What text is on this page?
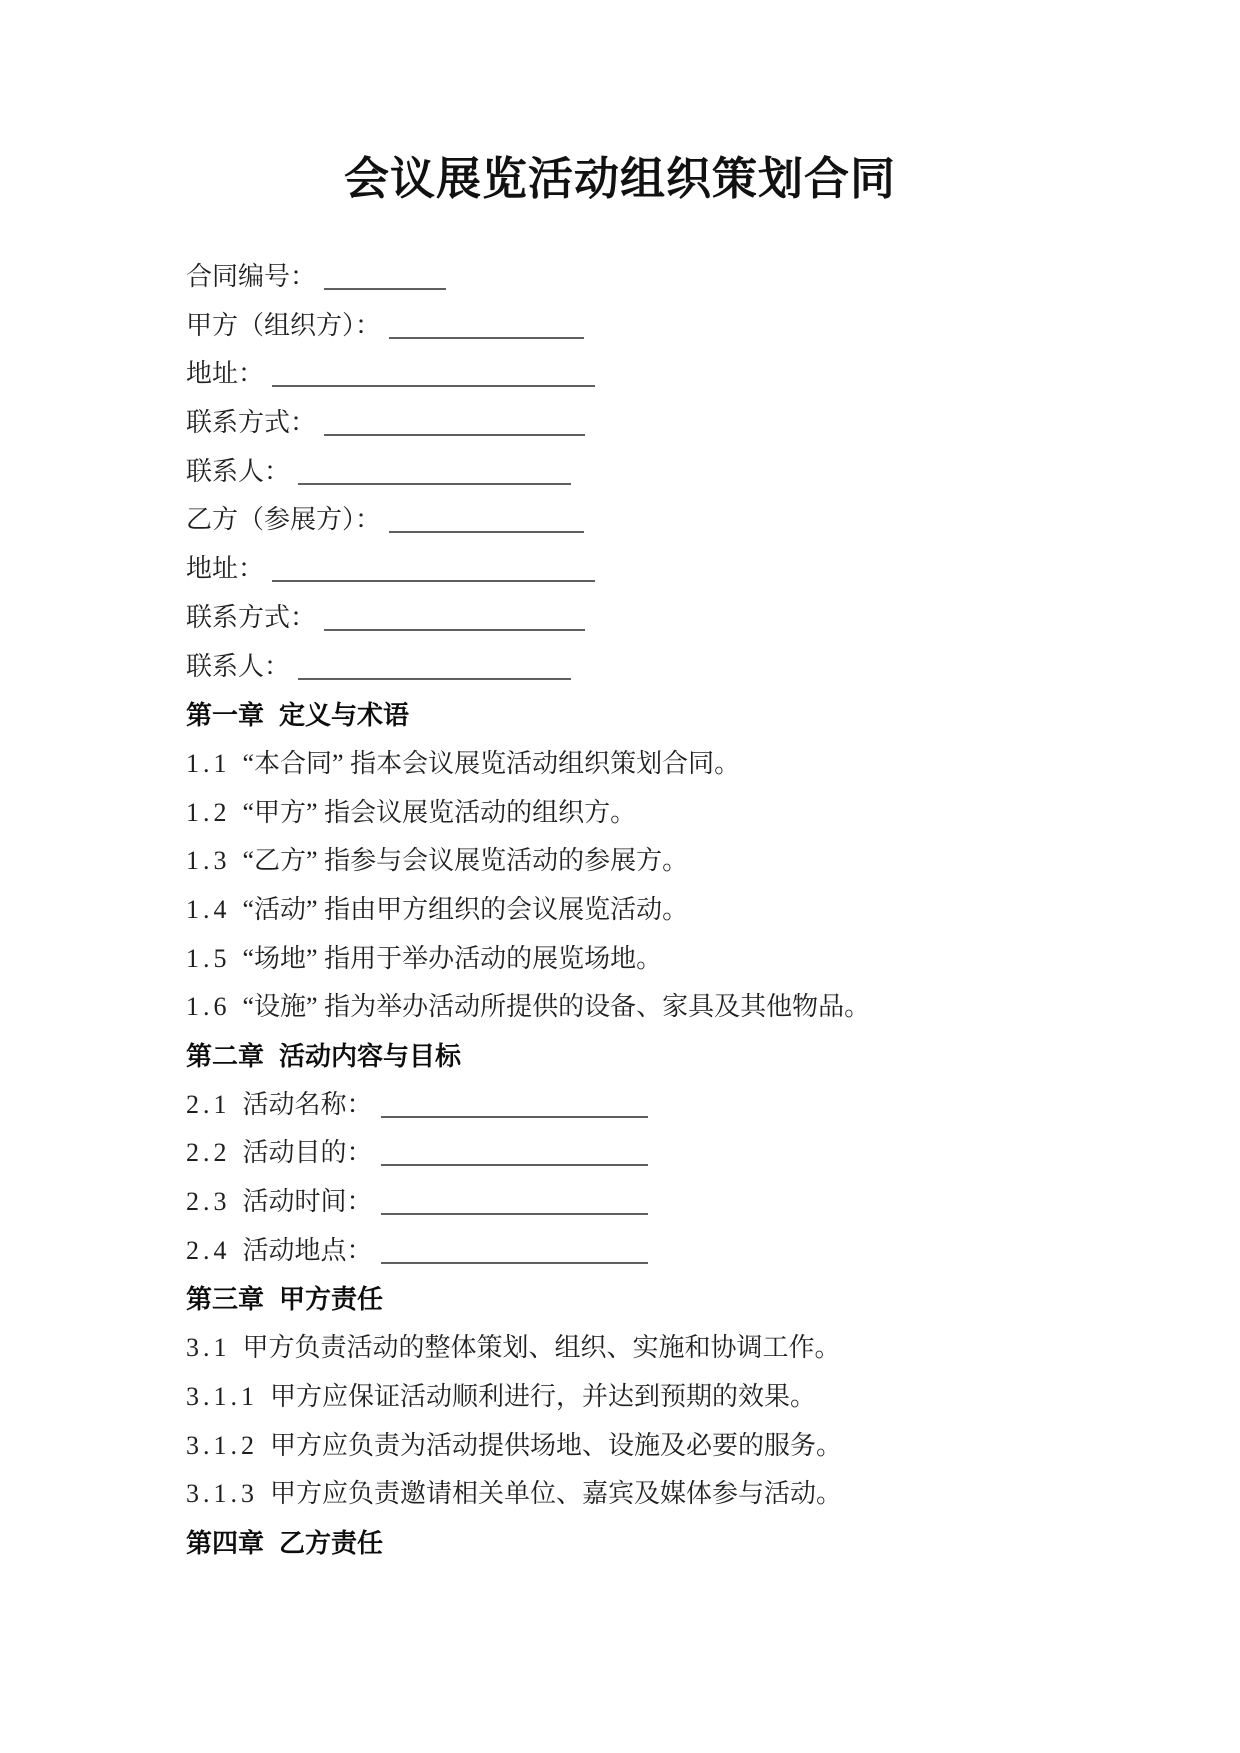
会议展览活动组织策划合同
合同编号：
甲方（组织方）：
地址：
联系方式：
联系人：
乙方（参展方）：
地址：
联系方式：
联系人：
第一章 定义与术语
1.1 “本合同” 指本会议展览活动组织策划合同。
1.2 “甲方” 指会议展览活动的组织方。
1.3 “乙方” 指参与会议展览活动的参展方。
1.4 “活动” 指由甲方组织的会议展览活动。
1.5 “场地” 指用于举办活动的展览场地。
1.6 “设施” 指为举办活动所提供的设备、家具及其他物品。
第二章 活动内容与目标
2.1 活动名称：
2.2 活动目的：
2.3 活动时间：
2.4 活动地点：
第三章 甲方责任
3.1 甲方负责活动的整体策划、组织、实施和协调工作。
3.1.1 甲方应保证活动顺利进行，并达到预期的效果。
3.1.2 甲方应负责为活动提供场地、设施及必要的服务。
3.1.3 甲方应负责邀请相关单位、嘉宾及媒体参与活动。
第四章 乙方责任
